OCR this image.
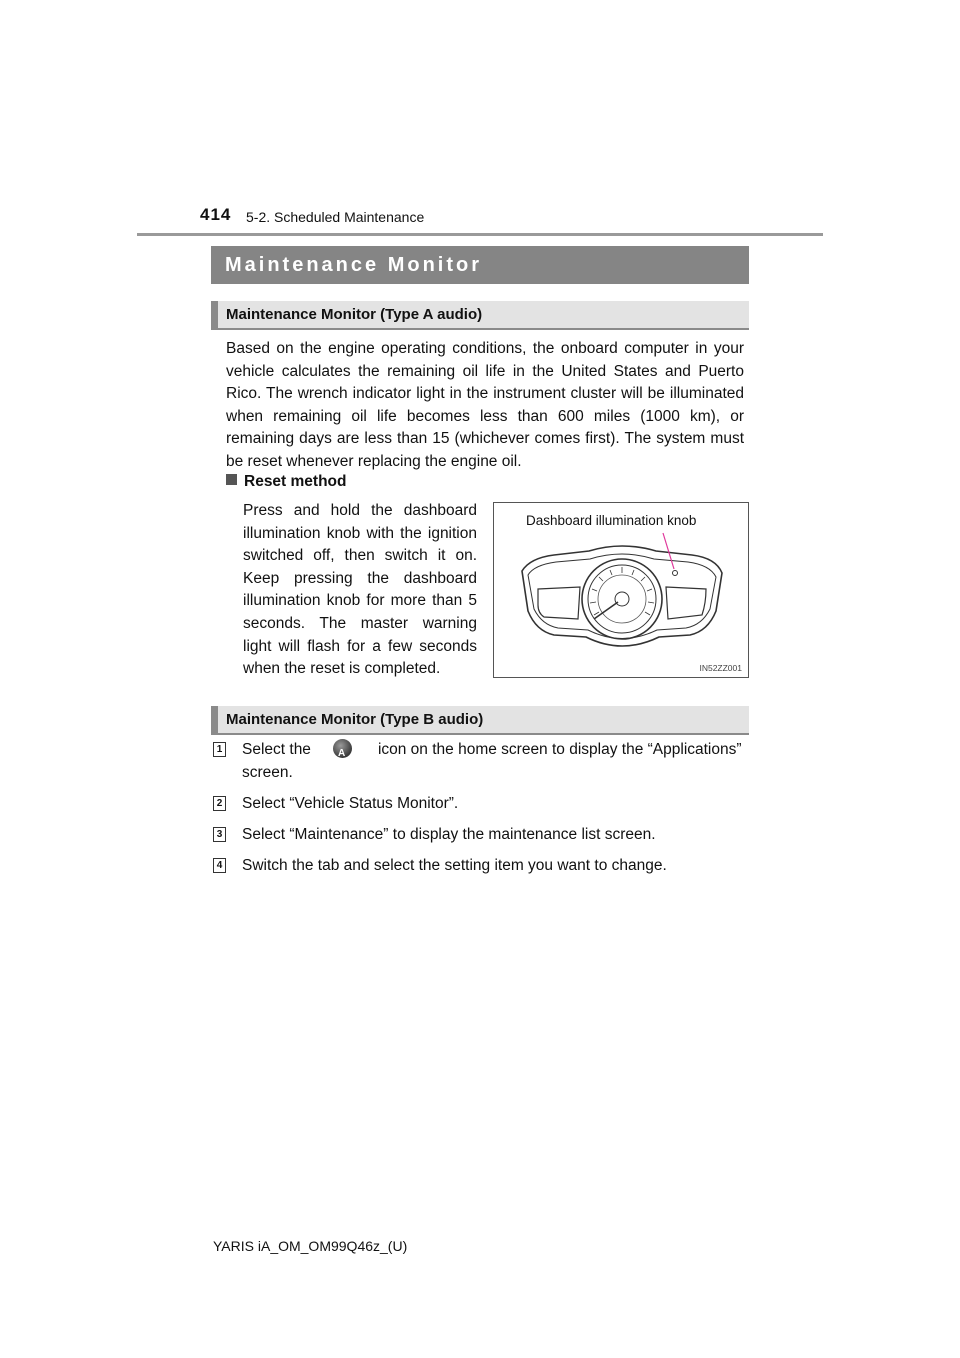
414 5-2. Scheduled Maintenance
Maintenance Monitor
Maintenance Monitor (Type A audio)

Based on the engine operating conditions, the onboard computer in your vehicle calculates the remaining oil life in the United States and Puerto Rico. The wrench indicator light in the instrument cluster will be illuminated when remaining oil life becomes less than 600 miles (1000 km), or remaining days are less than 15 (whichever comes first). The system must be reset whenever replacing the engine oil.

Reset method

Press and hold the dashboard illumination knob with the ignition switched off, then switch it on. Keep pressing the dashboard illumination knob for more than 5 seconds. The master warning light will flash for a few seconds when the reset is completed.

Dashboard illumination knob
IN52ZZ001
Maintenance Monitor (Type B audio)
1 Select theA	icon on the home screen to display the “Applications” screen.
2 Select “Vehicle Status Monitor”.
3 Select “Maintenance” to display the maintenance list screen.
4 Switch the tab and select the setting item you want to change.
YARIS iA_OM_OM99Q46z_(U)
